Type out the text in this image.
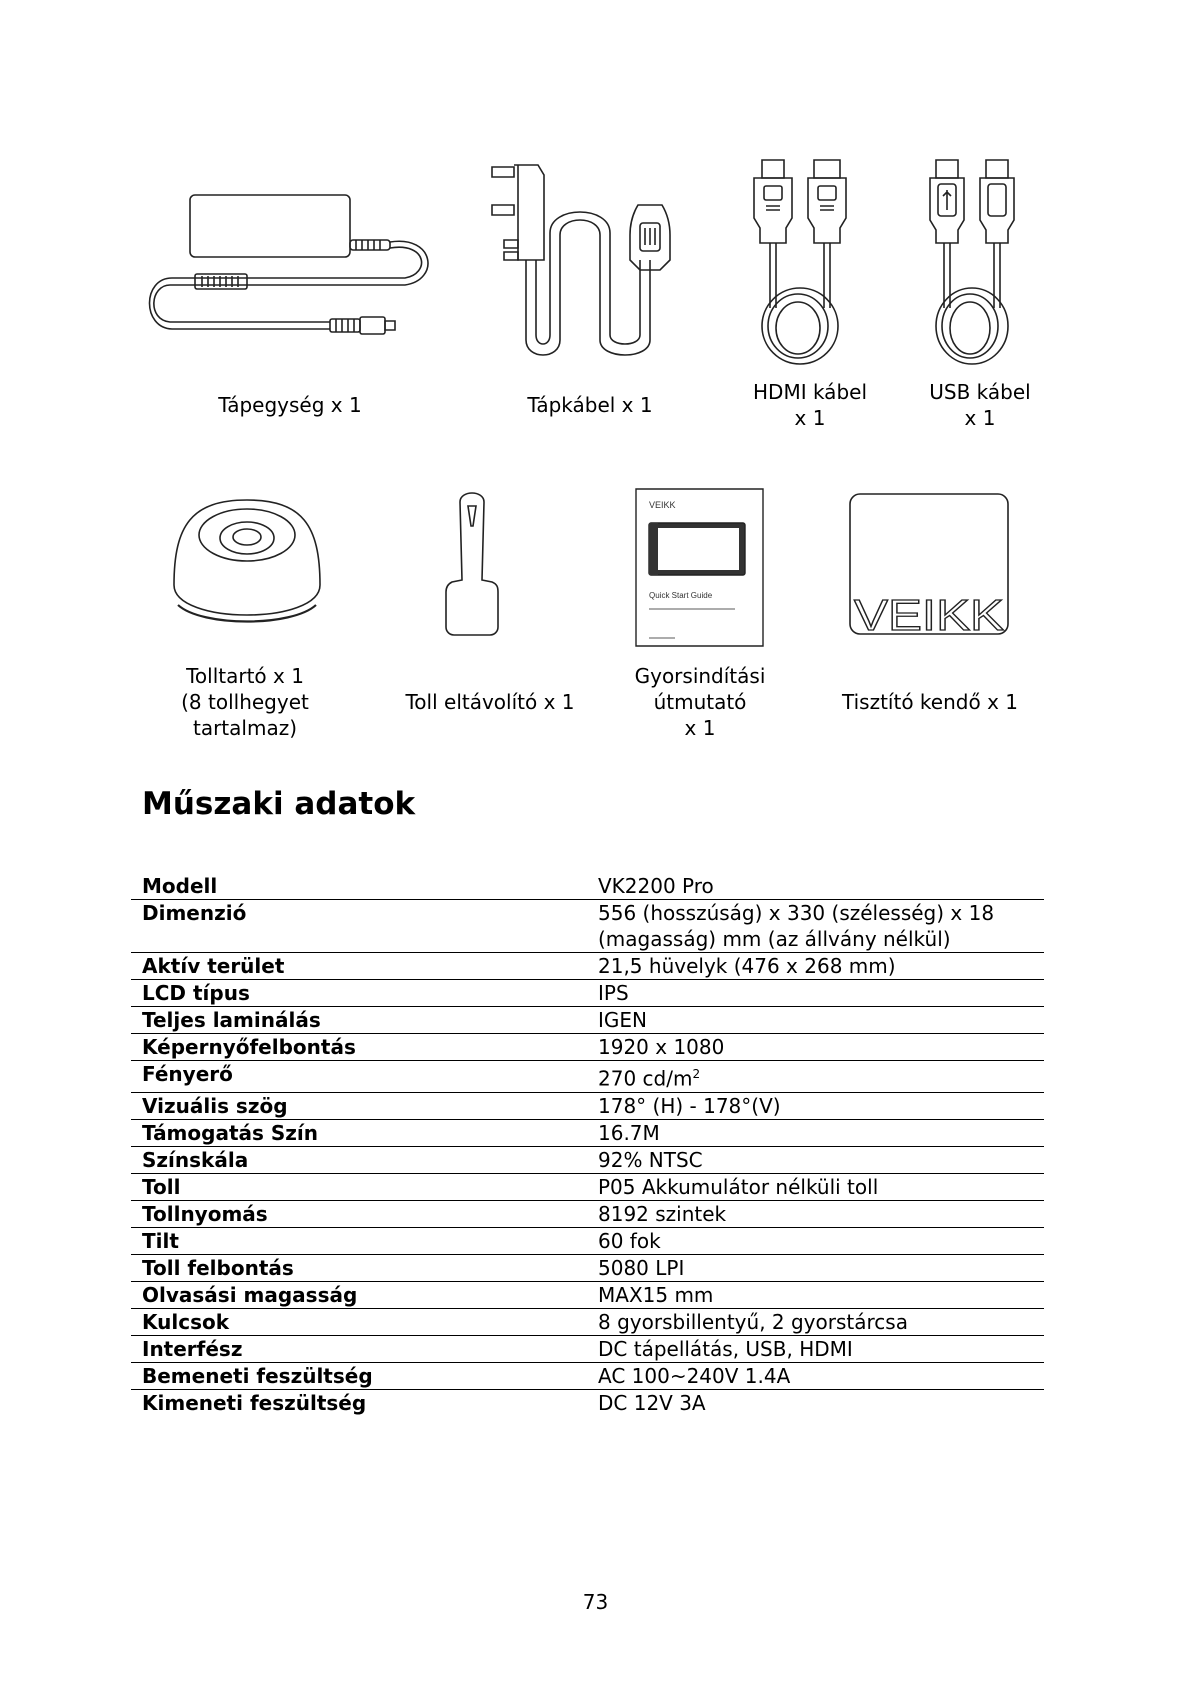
VEIKK
Quick Start Guide	VEIKK
Tápegység x 1	Tápkábel x 1
HDMI kábel
x 1
USB kábel
x 1
Tolltartó x 1
(8 tollhegyet
tartalmaz)
Toll eltávolító x 1
Gyorsindítási
útmutató
x 1
Tisztító kendő x 1
Műszaki adatok
Modell	VK2200 Pro
Dimenzió	556 (hosszúság) x 330 (szélesség) x 18 (magasság) mm (az állvány nélkül)
Aktív terület	21,5 hüvelyk (476 x 268 mm)
LCD típus	IPS
Teljes laminálás	IGEN
Képernyőfelbontás	1920 x 1080
Fényerő	270 $cd/m^2$
Vizuális szög	178° (H) - 178°(V)
Támogatás Szín	16.7M
Színskála	92% NTSC
Toll	P05 Akkumulátor nélküli toll
Tollnyomás	8192 szintek
Tilt	60 fok
Toll felbontás	5080 LPI
Olvasási magasság	MAX15 mm
Kulcsok	8 gyorsbillentyű, 2 gyorstárcsa
Interfész	DC tápellátás, USB, HDMI
Bemeneti feszültség	AC 100~240V 1.4A
Kimeneti feszültség	DC 12V 3A
73
